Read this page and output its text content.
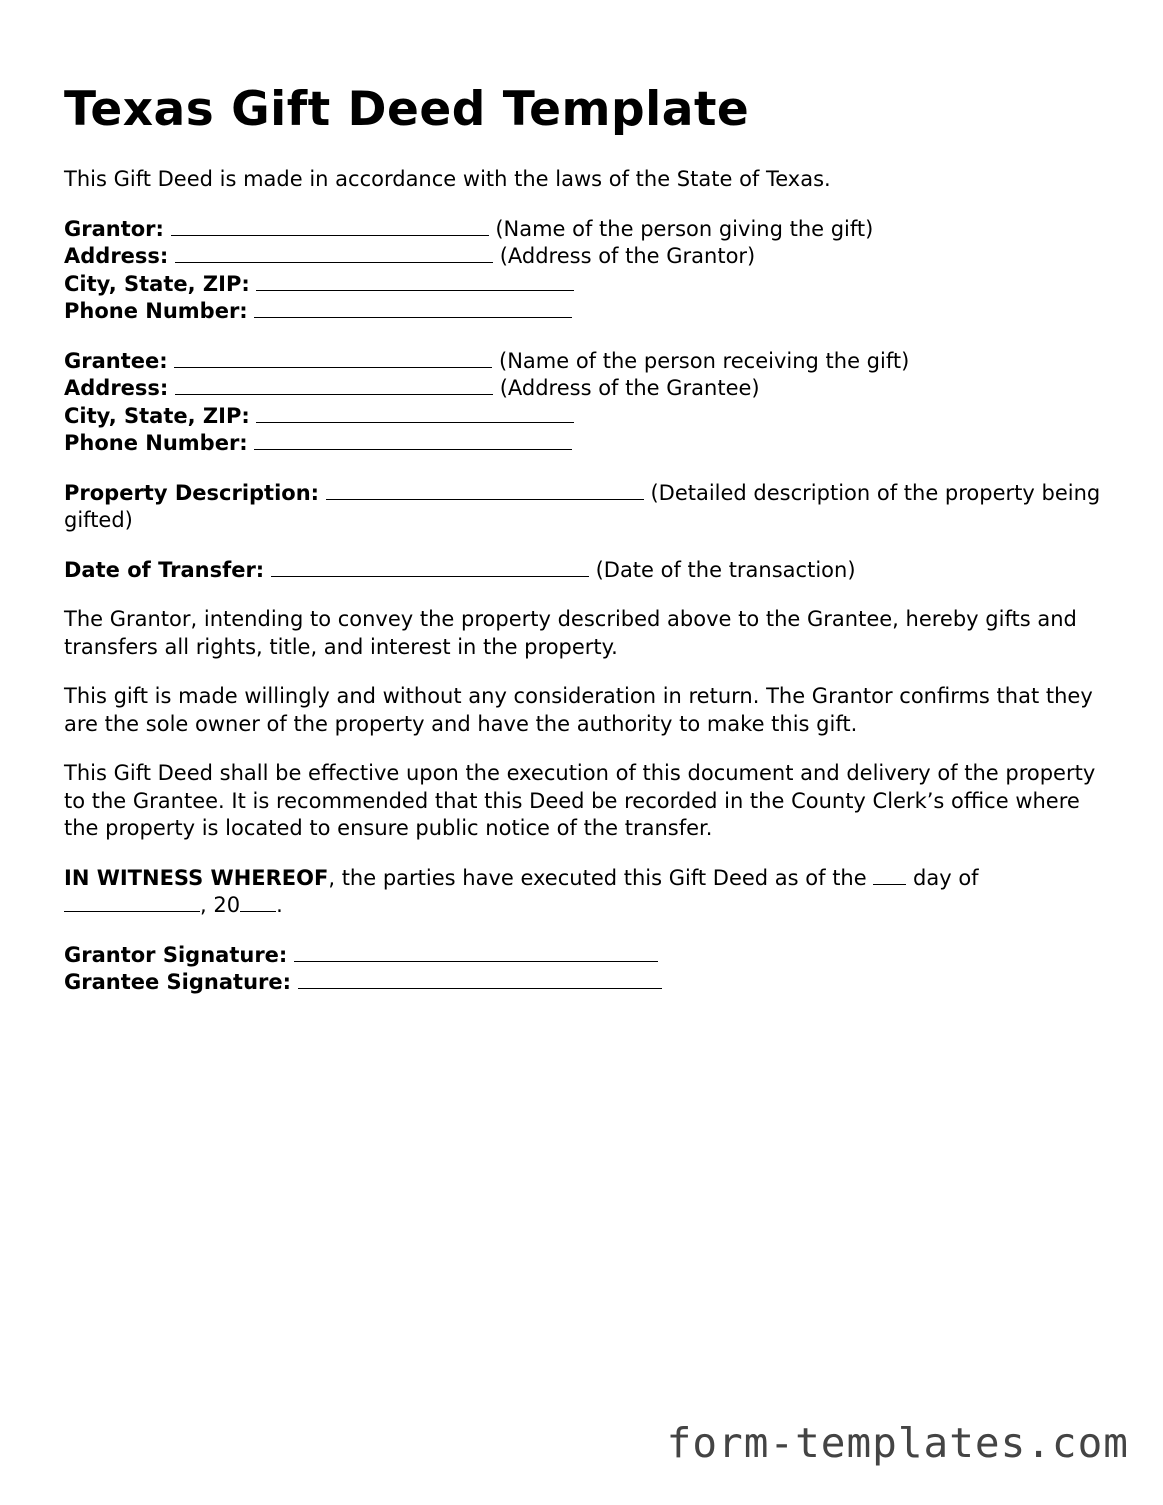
Texas Gift Deed Template

This Gift Deed is made in accordance with the laws of the State of Texas.

Grantor:	(Name of the person giving the gift)
Address:	(Address of the Grantor)
City, State, ZIP:
Phone Number:
Grantee:	(Name of the person receiving the gift)
Address:	(Address of the Grantee)
City, State, ZIP:
Phone Number:

Property Description:	(Detailed description of the property being gifted)

Date of Transfer:	(Date of the transaction)

The Grantor, intending to convey the property described above to the Grantee, hereby gifts and transfers all rights, title, and interest in the property.

This gift is made willingly and without any consideration in return. The Grantor confirms that they are the sole owner of the property and have the authority to make this gift.

This Gift Deed shall be effective upon the execution of this document and delivery of the property to the Grantee. It is recommended that this Deed be recorded in the County Clerk’s office where the property is located to ensure public notice of the transfer.

IN WITNESS WHEREOF, the parties have executed this Gift Deed as of the day of
, 20 .

Grantor Signature:
Grantee Signature:
form-templates.com
